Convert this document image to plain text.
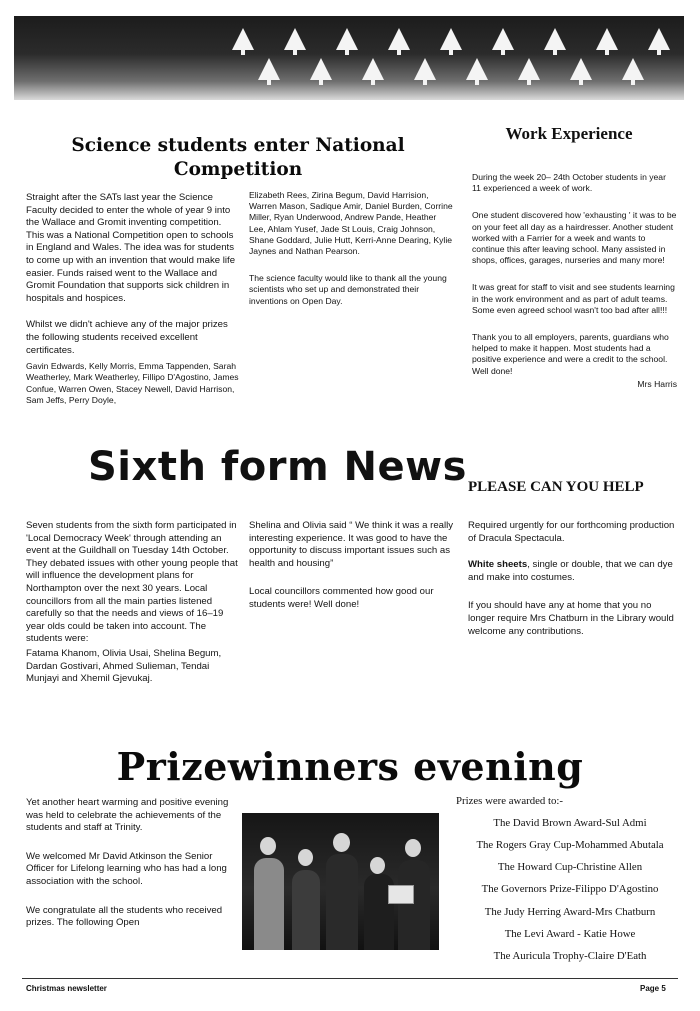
Science students enter National
Competition

Straight after the SATs last year the Science Faculty decided to enter the whole of year 9 into the Wallace and Gromit inventing competition. This was a National Competition open to schools in England and Wales. The idea was for students to come up with an invention that would make life easier. Funds raised went to the Wallace and Gromit Foundation that supports sick children in hospitals and hospices.

Whilst we didn't achieve any of the major prizes the following students received excellent certificates.

Gavin Edwards, Kelly Morris, Emma Tappenden, Sarah Weatherley, Mark Weatherley, Fillipo D'Agostino, James Confue, Warren Owen, Stacey Newell, David Harrison, Sam Jeffs, Perry Doyle,

Elizabeth Rees, Zirina Begum, David Harrision, Warren Mason, Sadique Amir, Daniel Burden, Corrine Miller, Ryan Underwood, Andrew Pande, Heather Lee, Ahlam Yusef, Jade St Louis, Craig Johnson, Shane Goddard, Julie Hutt, Kerri-Anne Dearing, Kylie Jaynes and Nathan Pearson.

The science faculty would like to thank all the young scientists who set up and demonstrated their inventions on Open Day.

Work Experience

During the week 20– 24th October students in year 11 experienced a week of work.

One student discovered how 'exhausting ' it was to be on your feet all day as a hairdresser. Another student worked with a Farrier for a week and wants to continue this after leaving school. Many assisted in shops, offices, garages, nurseries and many more!

It was great for staff to visit and see students learning in the work environment and as part of adult teams. Some even agreed school wasn't too bad after all!!!

Thank you to all employers, parents, guardians who helped to make it happen. Most students had a positive experience and were a credit to the school. Well done!

Mrs Harris
Sixth form News

Seven students from the sixth form participated in 'Local Democracy Week' through attending an event at the Guildhall on Tuesday 14th October. They debated issues with other young people that will influence the development plans for Northampton over the next 30 years. Local councillors from all the main parties listened carefully so that the needs and views of 16–19 year olds could be taken into account. The students were:

Fatama Khanom, Olivia Usai, Shelina Begum, Dardan Gostivari, Ahmed Sulieman, Tendai Munjayi and Xhemil Gjevukaj.

Shelina and Olivia said “ We think it was a really interesting experience. It was good to have the opportunity to discuss important issues such as health and housing”

Local councillors commented how good our students were! Well done!

PLEASE CAN YOU HELP

Required urgently for our forthcoming production of Dracula Spectacula.

White sheets, single or double, that we can dye and make into costumes.

If you should have any at home that you no longer require Mrs Chatburn in the Library would welcome any contributions.

Prizewinners evening

Yet another heart warming and positive evening was held to celebrate the achievements of the students and staff at Trinity.

We welcomed Mr David Atkinson the Senior Officer for Lifelong learning who has had a long association with the school.

We congratulate all the students who received prizes. The following Open

Prizes were awarded to:-
The David Brown Award-Sul Admi
The Rogers Gray Cup-Mohammed Abutala
The Howard Cup-Christine Allen
The Governors Prize-Filippo D'Agostino
The Judy Herring Award-Mrs Chatburn
The Levi Award - Katie Howe
The Auricula Trophy-Claire D'Eath
Christmas newsletter	Page 5
